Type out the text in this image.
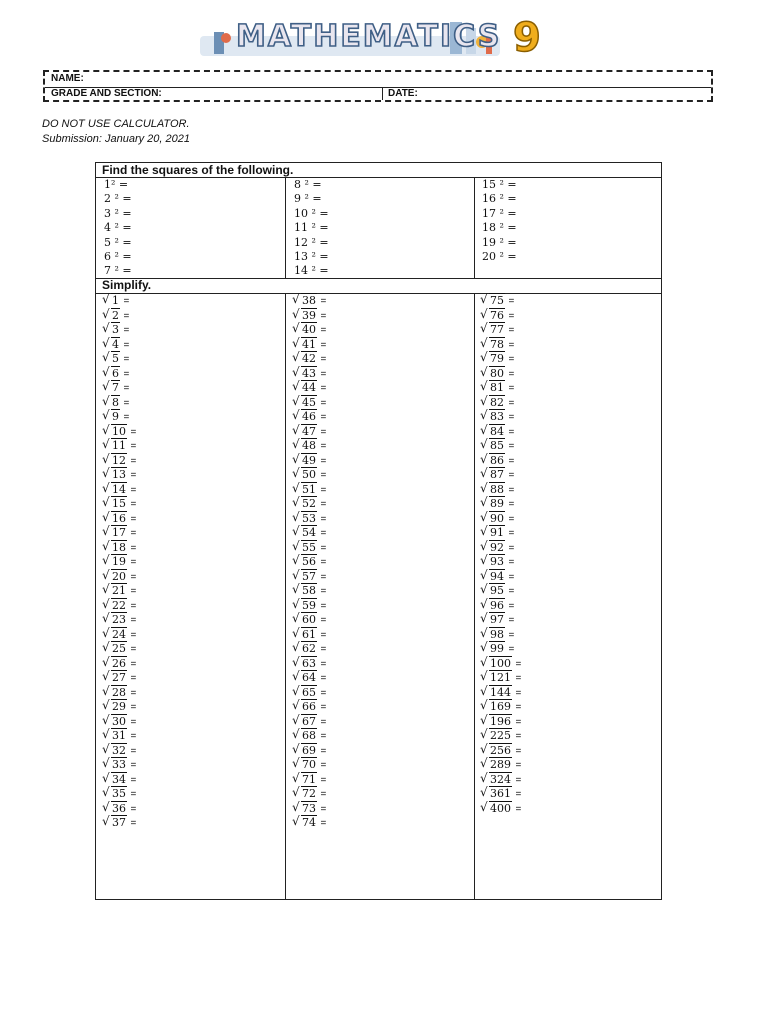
MATHEMATICS 9
NAME:
GRADE AND SECTION:	DATE:
DO NOT USE CALCULATOR.
Submission: January 20, 2021
Find the squares of the following.
Simplify.
1² =
2 ² =
3 ² =
4 ² =
5 ² =
6 ² =
7 ² =
8 ² =
9 ² =
10 ² =
11 ² =
12 ² =
13 ² =
14 ² =
15 ² =
16 ² =
17 ² =
18 ² =
19 ² =
20 ² =
√ 1 =
√ 2 =
√ 3 =
√ 4 =
√ 5 =
√ 6 =
√ 7 =
√ 8 =
√ 9 =
√ 10 =
√ 11 =
√ 12 =
√ 13 =
√ 14 =
√ 15 =
√ 16 =
√ 17 =
√ 18 =
√ 19 =
√ 20 =
√ 21 =
√ 22 =
√ 23 =
√ 24 =
√ 25 =
√ 26 =
√ 27 =
√ 28 =
√ 29 =
√ 30 =
√ 31 =
√ 32 =
√ 33 =
√ 34 =
√ 35 =
√ 36 =
√ 37 =
√ 38 =
√ 39 =
√ 40 =
√ 41 =
√ 42 =
√ 43 =
√ 44 =
√ 45 =
√ 46 =
√ 47 =
√ 48 =
√ 49 =
√ 50 =
√ 51 =
√ 52 =
√ 53 =
√ 54 =
√ 55 =
√ 56 =
√ 57 =
√ 58 =
√ 59 =
√ 60 =
√ 61 =
√ 62 =
√ 63 =
√ 64 =
√ 65 =
√ 66 =
√ 67 =
√ 68 =
√ 69 =
√ 70 =
√ 71 =
√ 72 =
√ 73 =
√ 74 =
√ 75 =
√ 76 =
√ 77 =
√ 78 =
√ 79 =
√ 80 =
√ 81 =
√ 82 =
√ 83 =
√ 84 =
√ 85 =
√ 86 =
√ 87 =
√ 88 =
√ 89 =
√ 90 =
√ 91 =
√ 92 =
√ 93 =
√ 94 =
√ 95 =
√ 96 =
√ 97 =
√ 98 =
√ 99 =
√ 100 =
√ 121 =
√ 144 =
√ 169 =
√ 196 =
√ 225 =
√ 256 =
√ 289 =
√ 324 =
√ 361 =
√ 400 =
